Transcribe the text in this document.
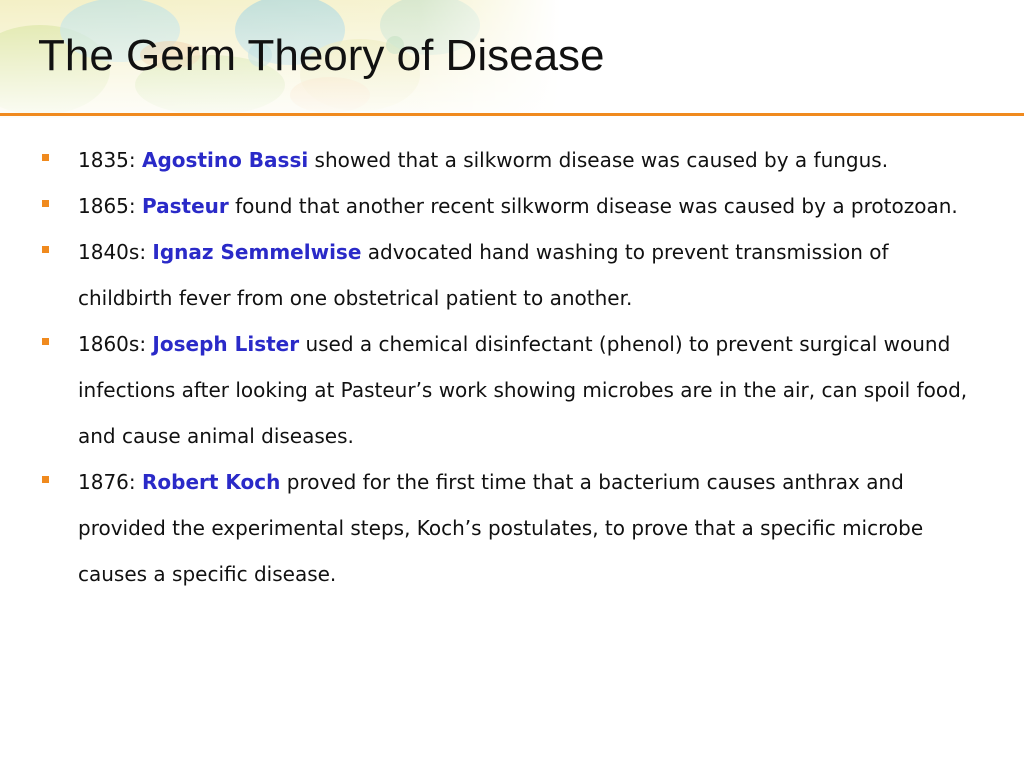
The Germ Theory of Disease
1835: Agostino Bassi showed that a silkworm disease was caused by a fungus.
1865: Pasteur found that another recent silkworm disease was caused by a protozoan.
1840s: Ignaz Semmelwise advocated hand washing to prevent transmission of childbirth fever from one obstetrical patient to another.
1860s: Joseph Lister used a chemical disinfectant (phenol) to prevent surgical wound infections after looking at Pasteur’s work showing microbes are in the air, can spoil food, and cause animal diseases.
1876: Robert Koch proved for the first time that a bacterium causes anthrax and provided the experimental steps, Koch’s postulates, to prove that a specific microbe causes a specific disease.
